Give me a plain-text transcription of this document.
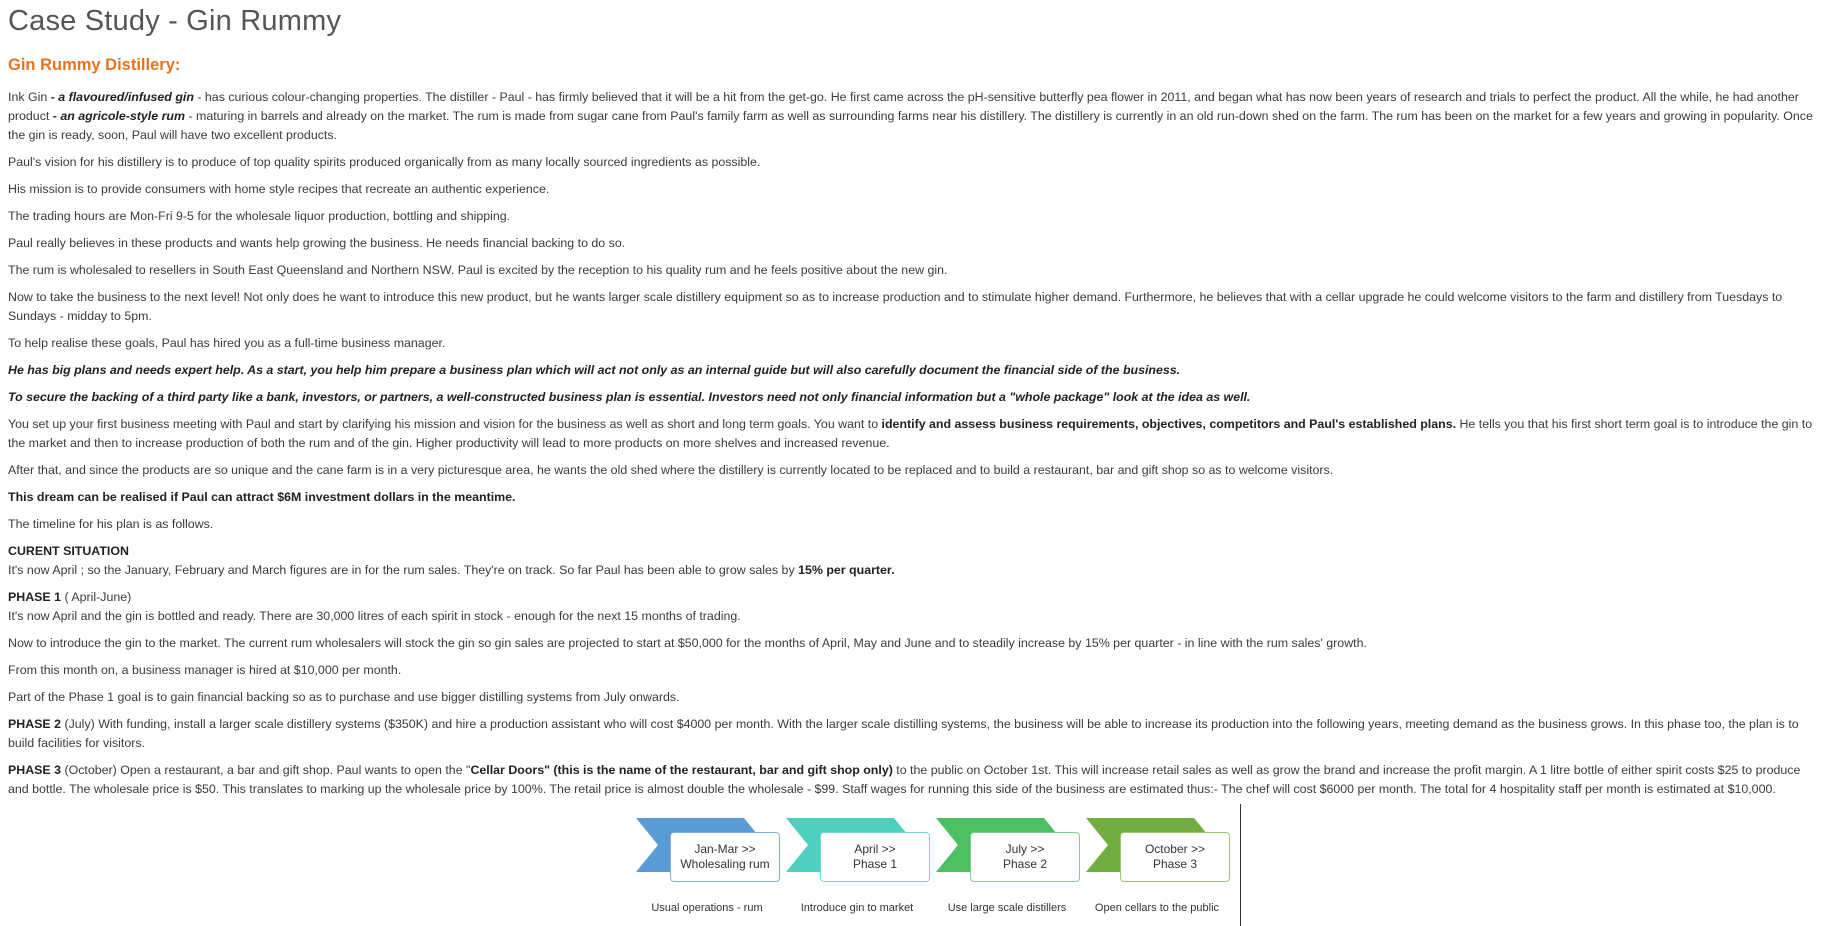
Case Study - Gin Rummy
Gin Rummy Distillery:

Ink Gin - a flavoured/infused gin - has curious colour-changing properties. The distiller - Paul - has firmly believed that it will be a hit from the get-go. He first came across the pH-sensitive butterfly pea flower in 2011, and began what has now been years of research and trials to perfect the product. All the while, he had another product - an agricole-style rum - maturing in barrels and already on the market. The rum is made from sugar cane from Paul's family farm as well as surrounding farms near his distillery. The distillery is currently in an old run-down shed on the farm. The rum has been on the market for a few years and growing in popularity. Once the gin is ready, soon, Paul will have two excellent products.

Paul's vision for his distillery is to produce of top quality spirits produced organically from as many locally sourced ingredients as possible.

His mission is to provide consumers with home style recipes that recreate an authentic experience.

The trading hours are Mon-Fri 9-5 for the wholesale liquor production, bottling and shipping.

Paul really believes in these products and wants help growing the business. He needs financial backing to do so.

The rum is wholesaled to resellers in South East Queensland and Northern NSW. Paul is excited by the reception to his quality rum and he feels positive about the new gin.

Now to take the business to the next level! Not only does he want to introduce this new product, but he wants larger scale distillery equipment so as to increase production and to stimulate higher demand. Furthermore, he believes that with a cellar upgrade he could welcome visitors to the farm and distillery from Tuesdays to Sundays - midday to 5pm.

To help realise these goals, Paul has hired you as a full-time business manager.

He has big plans and needs expert help. As a start, you help him prepare a business plan which will act not only as an internal guide but will also carefully document the financial side of the business.

To secure the backing of a third party like a bank, investors, or partners, a well-constructed business plan is essential. Investors need not only financial information but a "whole package" look at the idea as well.

You set up your first business meeting with Paul and start by clarifying his mission and vision for the business as well as short and long term goals. You want to identify and assess business requirements, objectives, competitors and Paul's established plans. He tells you that his first short term goal is to introduce the gin to the market and then to increase production of both the rum and of the gin. Higher productivity will lead to more products on more shelves and increased revenue.

After that, and since the products are so unique and the cane farm is in a very picturesque area, he wants the old shed where the distillery is currently located to be replaced and to build a restaurant, bar and gift shop so as to welcome visitors.

This dream can be realised if Paul can attract $6M investment dollars in the meantime.

The timeline for his plan is as follows.

CURENT SITUATION

It's now April ; so the January, February and March figures are in for the rum sales. They're on track. So far Paul has been able to grow sales by 15% per quarter.

PHASE 1 ( April-June)

It's now April and the gin is bottled and ready. There are 30,000 litres of each spirit in stock - enough for the next 15 months of trading.

Now to introduce the gin to the market. The current rum wholesalers will stock the gin so gin sales are projected to start at $50,000 for the months of April, May and June and to steadily increase by 15% per quarter - in line with the rum sales' growth.

From this month on, a business manager is hired at $10,000 per month.

Part of the Phase 1 goal is to gain financial backing so as to purchase and use bigger distilling systems from July onwards.

PHASE 2 (July) With funding, install a larger scale distillery systems ($350K) and hire a production assistant who will cost $4000 per month. With the larger scale distilling systems, the business will be able to increase its production into the following years, meeting demand as the business grows. In this phase too, the plan is to build facilities for visitors.

PHASE 3 (October) Open a restaurant, a bar and gift shop. Paul wants to open the "Cellar Doors" (this is the name of the restaurant, bar and gift shop only) to the public on October 1st. This will increase retail sales as well as grow the brand and increase the profit margin. A 1 litre bottle of either spirit costs $25 to produce and bottle. The wholesale price is $50. This translates to marking up the wholesale price by 100%. The retail price is almost double the wholesale - $99. Staff wages for running this side of the business are estimated thus:- The chef will cost $6000 per month. The total for 4 hospitality staff per month is estimated at $10,000.

Jan-Mar >>
Wholesaling rum
Usual operations - rum
April >>
Phase 1
Introduce gin to market
July >>
Phase 2
Use large scale distillers
October >>
Phase 3
Open cellars to the public
